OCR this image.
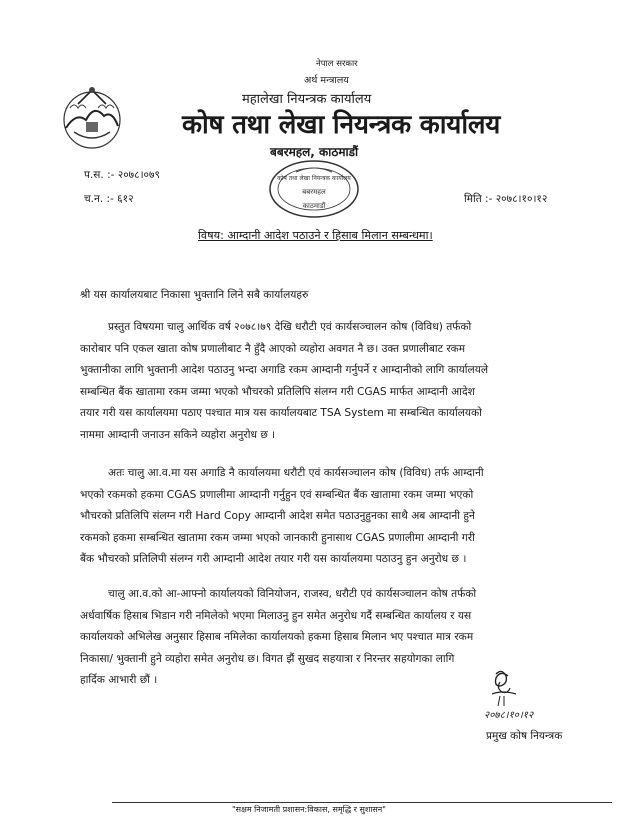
नेपाल सरकार
अर्थ मन्त्रालय
महालेखा नियन्त्रक कार्यालय
कोष तथा लेखा नियन्त्रक कार्यालय
बबरमहल, काठमाडौं
कोष तथा लेखा नियन्त्रक कार्यालय
बबरमहल
काठमाडौं
प.स. :- २०७८।०७९
च.न. :- ६१२	मिति :- २०७८।१०।१२
विषय: आम्दानी आदेश पठाउने र हिसाब मिलान सम्बन्धमा।
श्री यस कार्यालयबाट निकासा भुक्तानि लिने सबै कार्यालयहरु
प्रस्तुत विषयमा चालु आर्थिक वर्ष २०७८।७९ देखि धरौटी एवं कार्यसञ्चालन कोष (विविध) तर्फको
कारोबार पनि एकल खाता कोष प्रणालीबाट नै हुँदै आएको व्यहोरा अवगत नै छ। उक्त प्रणालीबाट रकम
भुक्तानीका लागि भुक्तानी आदेश पठाउनु भन्दा अगाडि रकम आम्दानी गर्नुपर्ने र आम्दानीको लागि कार्यालयले
सम्बन्धित बैंक खातामा रकम जम्मा भएको भौचरको प्रतिलिपि संलग्न गरी CGAS मार्फत आम्दानी आदेश
तयार गरी यस कार्यालयमा पठाए पश्चात मात्र यस कार्यालयबाट TSA System मा सम्बन्धित कार्यालयको
नाममा आम्दानी जनाउन सकिने व्यहोरा अनुरोध छ ।
अतः चालु आ.व.मा यस अगाडि नै कार्यालयमा धरौटी एवं कार्यसञ्चालन कोष (विविध) तर्फ आम्दानी
भएको रकमको हकमा CGAS प्रणालीमा आम्दानी गर्नुहुन एवं सम्बन्धित बैंक खातामा रकम जम्मा भएको
भौचरको प्रतिलिपि संलग्न गरी Hard Copy आम्दानी आदेश समेत पठाउनुहुनका साथै अब आम्दानी हुने
रकमको हकमा सम्बन्धित खातामा रकम जम्मा भएको जानकारी हुनासाथ CGAS प्रणालीमा आम्दानी गरी
बैंक भौचरको प्रतिलिपी संलग्न गरी आम्दानी आदेश तयार गरी यस कार्यालयमा पठाउनु हुन अनुरोध छ ।
चालु आ.व.को आ-आफ्नो कार्यालयको विनियोजन, राजस्व, धरौटी एवं कार्यसञ्चालन कोष तर्फको
अर्धवार्षिक हिसाब भिडान गरी नमिलेको भएमा मिलाउनु हुन समेत अनुरोध गर्दै सम्बन्धित कार्यालय र यस
कार्यालयको अभिलेख अनुसार हिसाब नमिलेका कार्यालयको हकमा हिसाब मिलान भए पश्चात मात्र रकम
निकासा/ भुक्तानी हुने व्यहोरा समेत अनुरोध छ। विगत झैं सुखद सहयात्रा र निरन्तर सहयोगका लागि
हार्दिक आभारी छौं ।
२०७८।१०।१२
प्रमुख कोष नियन्त्रक
"सक्षम निजामती प्रशासन:विकास, समृद्धि र सुशासन"
